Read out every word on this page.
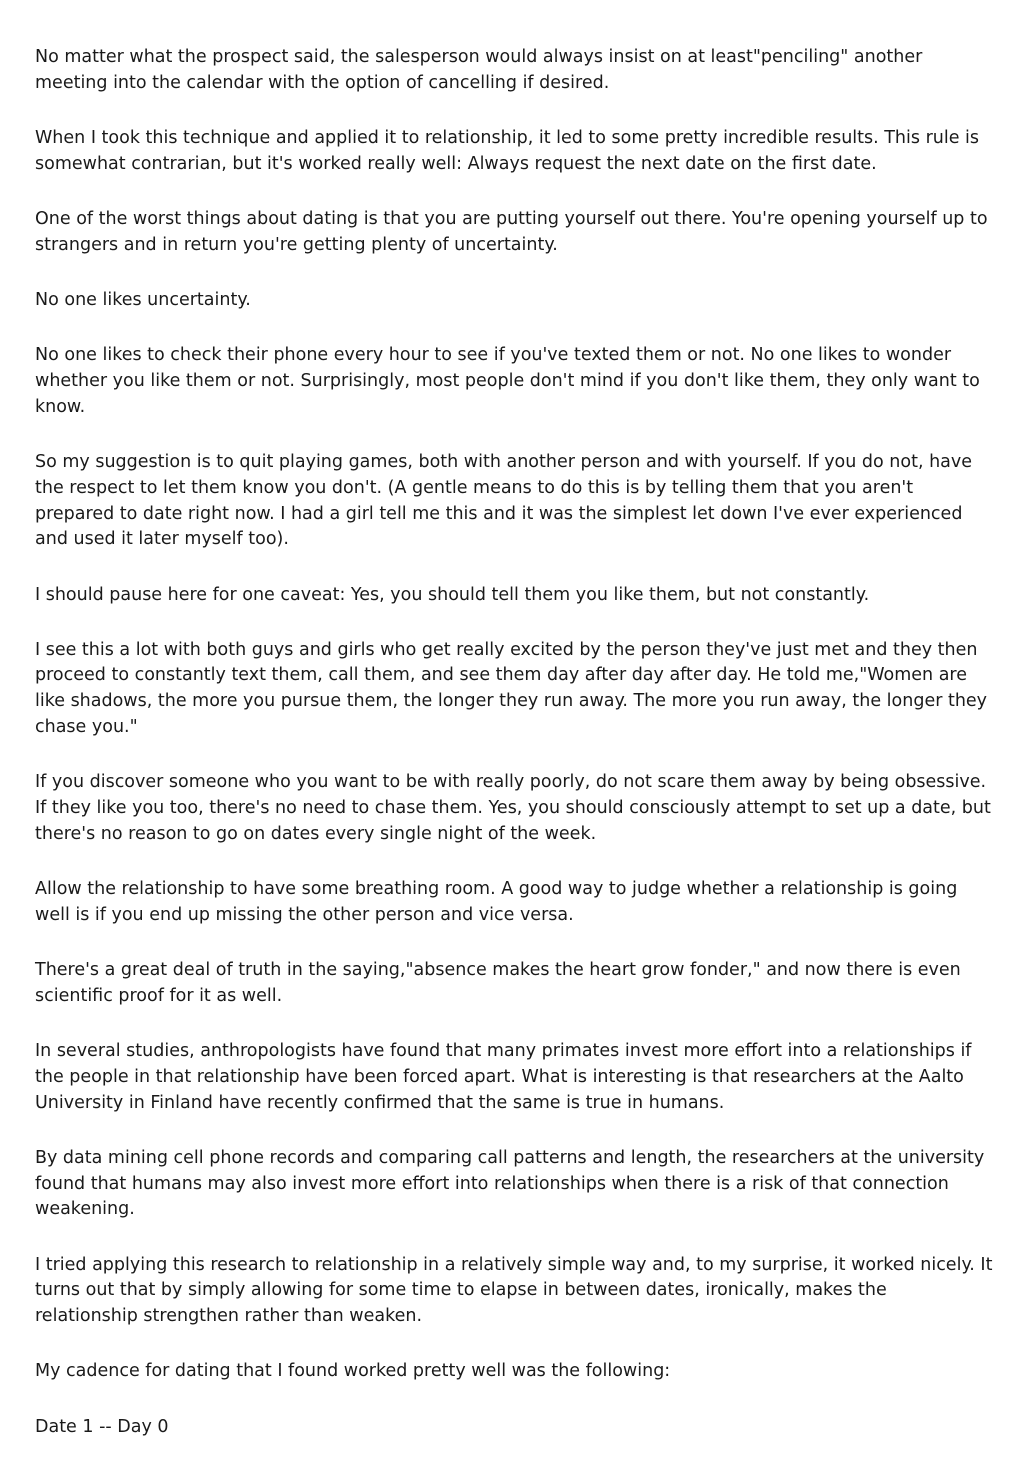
No matter what the prospect said, the salesperson would always insist on at least"penciling" another meeting into the calendar with the option of cancelling if desired.

When I took this technique and applied it to relationship, it led to some pretty incredible results. This rule is somewhat contrarian, but it's worked really well: Always request the next date on the first date.

One of the worst things about dating is that you are putting yourself out there. You're opening yourself up to strangers and in return you're getting plenty of uncertainty.

No one likes uncertainty.

No one likes to check their phone every hour to see if you've texted them or not. No one likes to wonder whether you like them or not. Surprisingly, most people don't mind if you don't like them, they only want to know.

So my suggestion is to quit playing games, both with another person and with yourself. If you do not, have the respect to let them know you don't. (A gentle means to do this is by telling them that you aren't prepared to date right now. I had a girl tell me this and it was the simplest let down I've ever experienced and used it later myself too).

I should pause here for one caveat: Yes, you should tell them you like them, but not constantly.

I see this a lot with both guys and girls who get really excited by the person they've just met and they then proceed to constantly text them, call them, and see them day after day after day. He told me,"Women are like shadows, the more you pursue them, the longer they run away. The more you run away, the longer they chase you."

If you discover someone who you want to be with really poorly, do not scare them away by being obsessive. If they like you too, there's no need to chase them. Yes, you should consciously attempt to set up a date, but there's no reason to go on dates every single night of the week.

Allow the relationship to have some breathing room. A good way to judge whether a relationship is going well is if you end up missing the other person and vice versa.

There's a great deal of truth in the saying,"absence makes the heart grow fonder," and now there is even scientific proof for it as well.

In several studies, anthropologists have found that many primates invest more effort into a relationships if the people in that relationship have been forced apart. What is interesting is that researchers at the Aalto University in Finland have recently confirmed that the same is true in humans.

By data mining cell phone records and comparing call patterns and length, the researchers at the university found that humans may also invest more effort into relationships when there is a risk of that connection weakening.

I tried applying this research to relationship in a relatively simple way and, to my surprise, it worked nicely. It turns out that by simply allowing for some time to elapse in between dates, ironically, makes the relationship strengthen rather than weaken.

My cadence for dating that I found worked pretty well was the following:

Date 1 -- Day 0
